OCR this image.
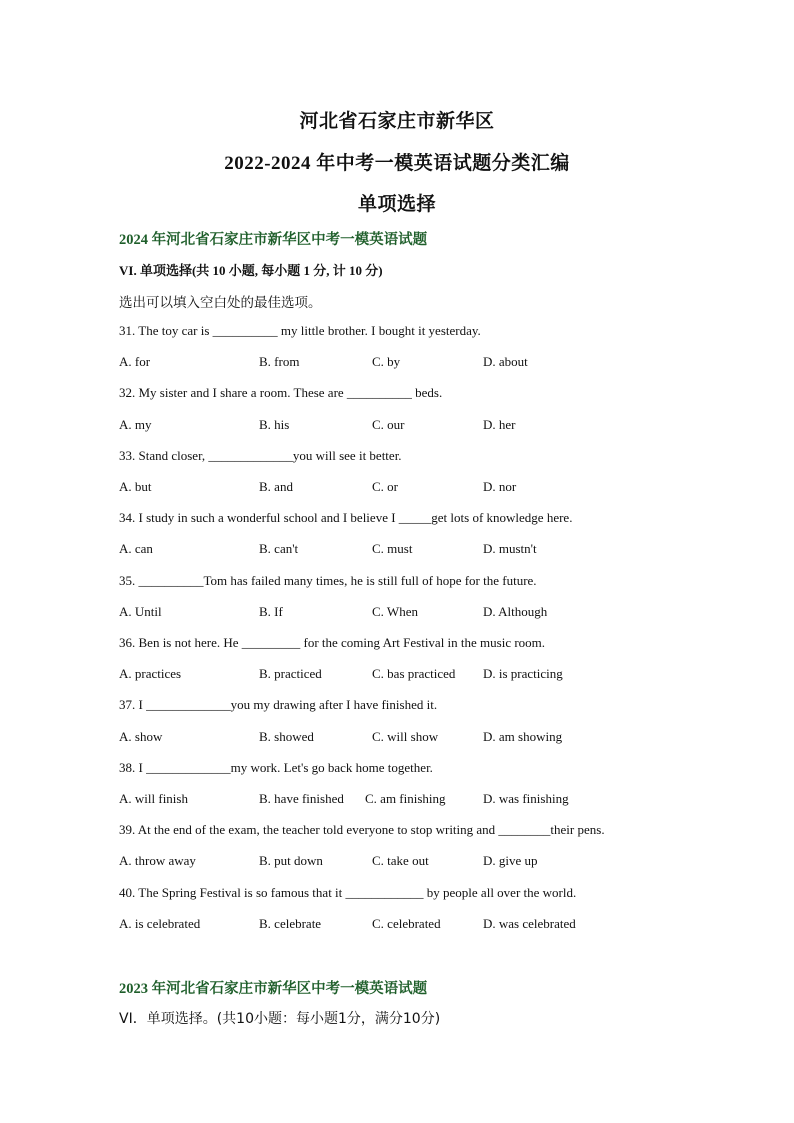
河北省石家庄市新华区
2022-2024 年中考一模英语试题分类汇编
单项选择
2024 年河北省石家庄市新华区中考一模英语试题
VI. 单项选择(共 10 小题, 每小题 1 分, 计 10 分)
选出可以填入空白处的最佳选项。
31. The toy car is __________ my little brother. I bought it yesterday.
A. for	B. from	C. by	D. about
32. My sister and I share a room. These are __________ beds.
A. my	B. his	C. our	D. her
33. Stand closer, _____________you will see it better.
A. but	B. and	C. or	D. nor
34. I study in such a wonderful school and I believe I _____get lots of knowledge here.
A. can	B. can't	C. must	D. mustn't
35. __________Tom has failed many times, he is still full of hope for the future.
A. Until	B. If	C. When	D. Although
36. Ben is not here. He _________ for the coming Art Festival in the music room.
A. practices	B. practiced	C. bas practiced D. is practicing
37. I _____________you my drawing after I have finished it.
A. show	B. showed	C. will show	D. am showing
38. I _____________my work. Let's go back home together.
A. will finish	B. have finished C. am finishing	D. was finishing
39. At the end of the exam, the teacher told everyone to stop writing and ________their pens.
A. throw away	B. put down	C. take out	D. give up
40. The Spring Festival is so famous that it ____________ by people all over the world.
A. is celebrated	B. celebrate	C. celebrated	D. was celebrated
2023 年河北省石家庄市新华区中考一模英语试题
VI．单项选择。(共10小题：每小题1分，满分10分)
